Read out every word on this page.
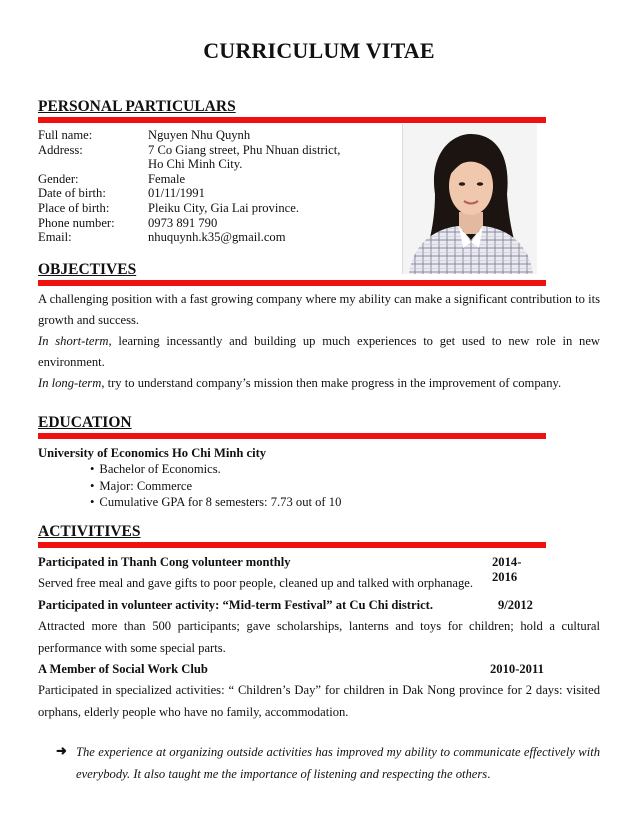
CURRICULUM VITAE
PERSONAL PARTICULARS
Full name:	Nguyen Nhu Quynh
Address:	7 Co Giang street, Phu Nhuan district,
Ho Chi Minh City.
Gender:	Female
Date of birth:	01/11/1991
Place of birth:	Pleiku City, Gia Lai province.
Phone number:	0973 891 790
Email:	nhuquynh.k35@gmail.com
OBJECTIVES
A challenging position with a fast growing company where my ability can make a significant contribution to its
growth and success.
In short-term, learning incessantly and building up much experiences to get used to new role in new
environment.
In long-term, try to understand company’s mission then make progress in the improvement of company.
EDUCATION
University of Economics Ho Chi Minh city
• Bachelor of Economics.
• Major: Commerce
• Cumulative GPA for 8 semesters: 7.73 out of 10
ACTIVITIVES
Participated in Thanh Cong volunteer monthly	2014-2016
Served free meal and gave gifts to poor people, cleaned up and talked with orphanage.
Participated in volunteer activity: “Mid-term Festival” at Cu Chi district.	9/2012
Attracted more than 500 participants; gave scholarships, lanterns and toys for children; hold a cultural
performance with some special parts.
A Member of Social Work Club	2010-2011
Participated in specialized activities: “ Children’s Day” for children in Dak Nong province for 2 days: visited
orphans, elderly people who have no family, accommodation.
➜ The experience at organizing outside activities has improved my ability to communicate effectively with
everybody. It also taught me the importance of listening and respecting the others.
